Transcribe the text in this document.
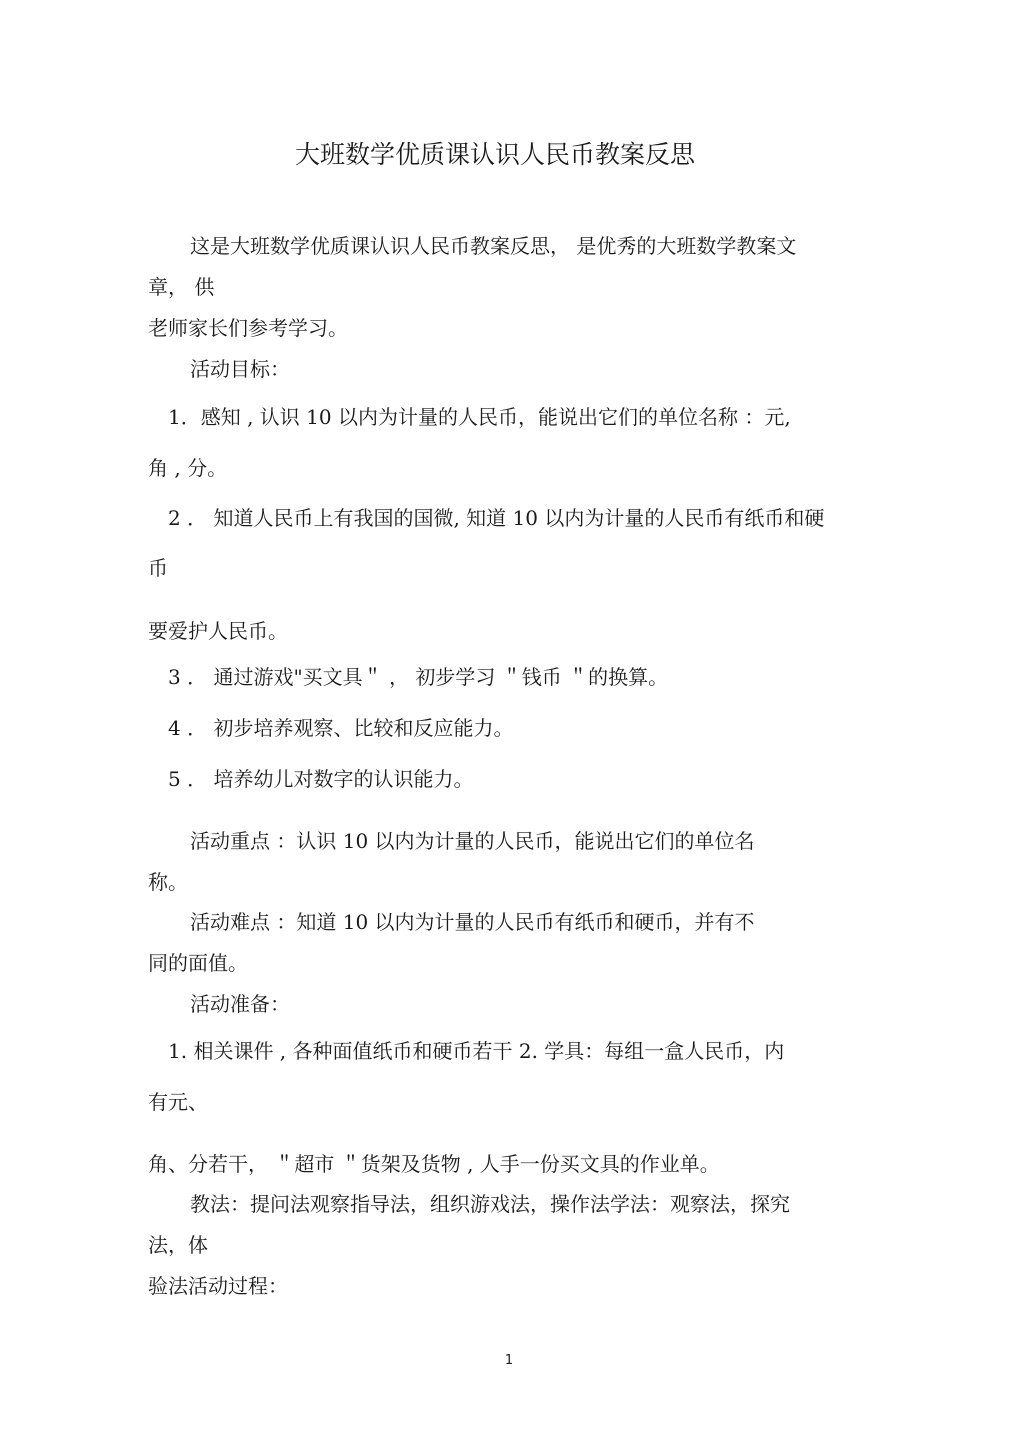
大班数学优质课认识人民币教案反思
这是大班数学优质课认识人民币教案反思， 是优秀的大班数学教案文
章， 供
老师家长们参考学习。
活动目标：
1．感知 , 认识 10 以内为计量的人民币，能说出它们的单位名称 ：元,
角 , 分。
2 ． 知道人民币上有我国的国微, 知道 10 以内为计量的人民币有纸币和硬
币
要爱护人民币。
3 ． 通过游戏"买文具＂ ， 初步学习 ＂钱币 ＂的换算。
4 ． 初步培养观察、比较和反应能力。
5 ． 培养幼儿对数字的认识能力。
活动重点 ：认识 10 以内为计量的人民币，能说出它们的单位名
称。
活动难点 ：知道 10 以内为计量的人民币有纸币和硬币，并有不
同的面值。
活动准备：
1. 相关课件 , 各种面值纸币和硬币若干 2. 学具：每组一盒人民币，内
有元、
角、分若干， ＂超市 ＂货架及货物 , 人手一份买文具的作业单。
教法：提问法观察指导法，组织游戏法，操作法学法：观察法，探究
法，体
验法活动过程：
1
